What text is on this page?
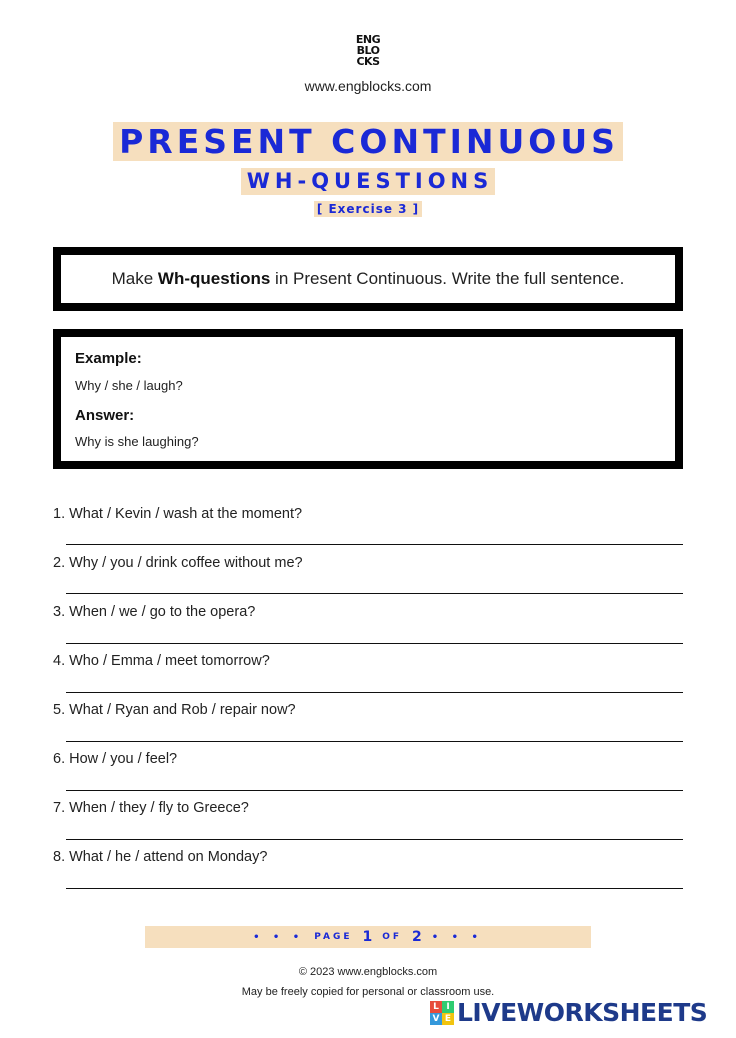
ENG
BLO
CKS
www.engblocks.com
PRESENT CONTINUOUS
WH-QUESTIONS
[ Exercise 3 ]
Make Wh-questions in Present Continuous. Write the full sentence.
Example:
Why / she / laugh?
Answer:
Why is she laughing?
1. What / Kevin / wash at the moment?
2. Why / you / drink coffee without me?
3. When / we / go to the opera?
4. Who / Emma / meet tomorrow?
5. What / Ryan and Rob / repair now?
6. How / you / feel?
7. When / they / fly to Greece?
8. What / he / attend on Monday?
• • • PAGE 1 OF 2 • • •
© 2023 www.engblocks.com
May be freely copied for personal or classroom use.
L I
V E LIVEWORKSHEETS
